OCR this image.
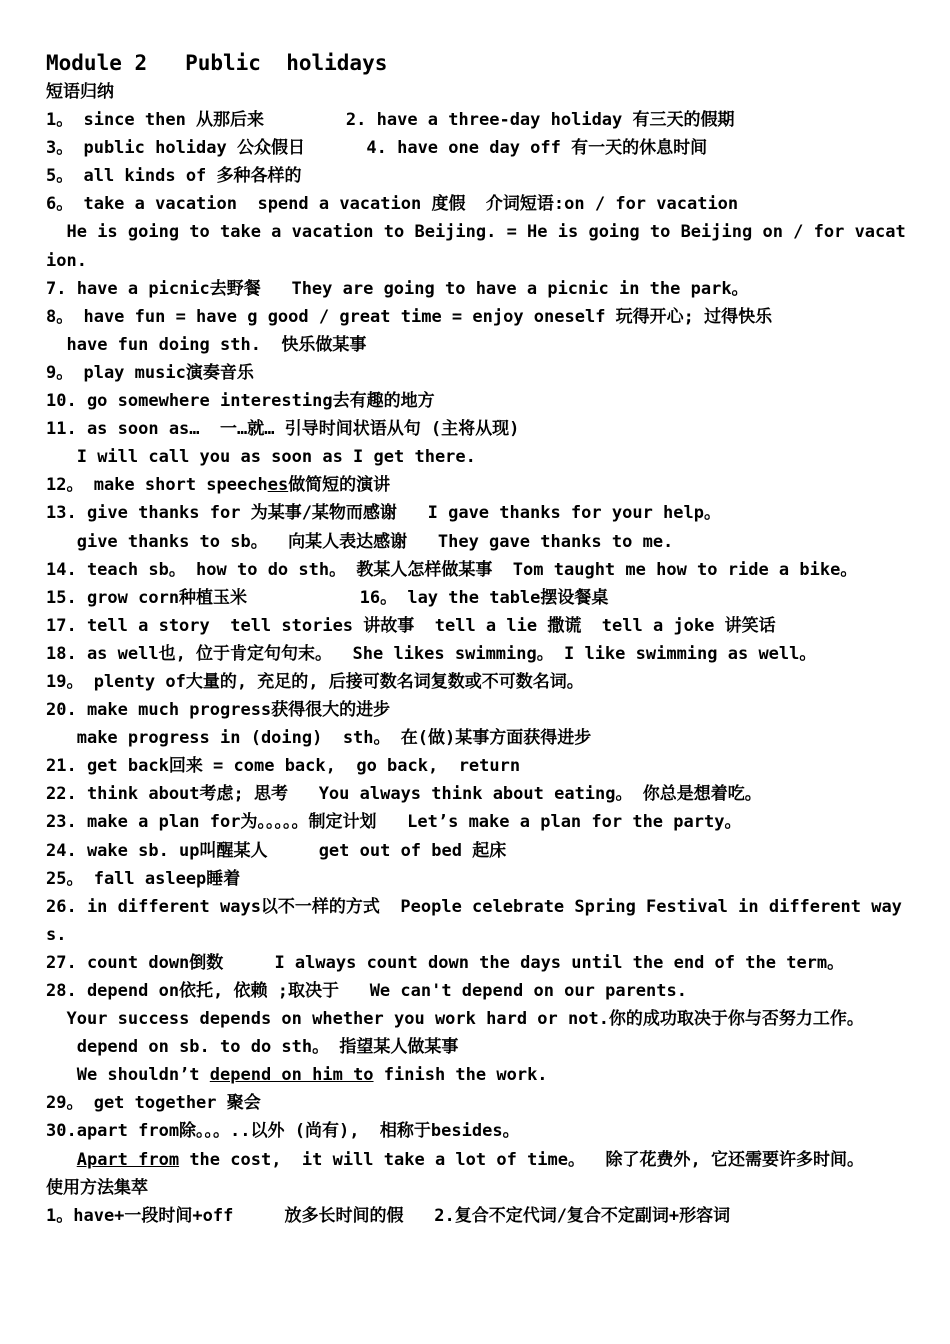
Module 2   Public  holidays
短语归纳
1。 since then 从那后来        2. have a three-day holiday 有三天的假期
3。 public holiday 公众假日      4. have one day off 有一天的休息时间
5。 all kinds of 多种各样的
6。 take a vacation  spend a vacation 度假  介词短语:on / for vacation
He is going to take a vacation to Beijing. = He is going to Beijing on / for vacation.
7. have a picnic去野餐   They are going to have a picnic in the park。
8。 have fun = have g good / great time = enjoy oneself 玩得开心; 过得快乐
have fun doing sth.  快乐做某事
9。 play music演奏音乐
10. go somewhere interesting去有趣的地方
11. as soon as…  一…就… 引导时间状语从句 (主将从现)
I will call you as soon as I get there.
12。 make short speeches做简短的演讲
13. give thanks for 为某事/某物而感谢   I gave thanks for your help。
give thanks to sb。  向某人表达感谢   They gave thanks to me.
14. teach sb。 how to do sth。 教某人怎样做某事  Tom taught me how to ride a bike。
15. grow corn种植玉米           16。 lay the table摆设餐桌
17. tell a story  tell stories 讲故事  tell a lie 撒谎  tell a joke 讲笑话
18. as well也, 位于肯定句句末。  She likes swimming。 I like swimming as well。
19。 plenty of大量的, 充足的, 后接可数名词复数或不可数名词。
20. make much progress获得很大的进步
make progress in (doing)  sth。 在(做)某事方面获得进步
21. get back回来 = come back,  go back,  return
22. think about考虑; 思考   You always think about eating。 你总是想着吃。
23. make a plan for为。。。。。制定计划   Let’s make a plan for the party。
24. wake sb. up叫醒某人     get out of bed 起床
25。 fall asleep睡着
26. in different ways以不一样的方式  People celebrate Spring Festival in different ways.
27. count down倒数     I always count down the days until the end of the term。
28. depend on依托, 依赖 ;取决于   We can't depend on our parents.
Your success depends on whether you work hard or not.你的成功取决于你与否努力工作。
depend on sb. to do sth。 指望某人做某事
We shouldn’t depend on him to finish the work.
29。 get together 聚会
30.apart from除。。。..以外 (尚有),  相称于besides。
Apart from the cost,  it will take a lot of time。  除了花费外, 它还需要许多时间。
使用方法集萃
1。have+一段时间+off     放多长时间的假   2.复合不定代词/复合不定副词+形容词
